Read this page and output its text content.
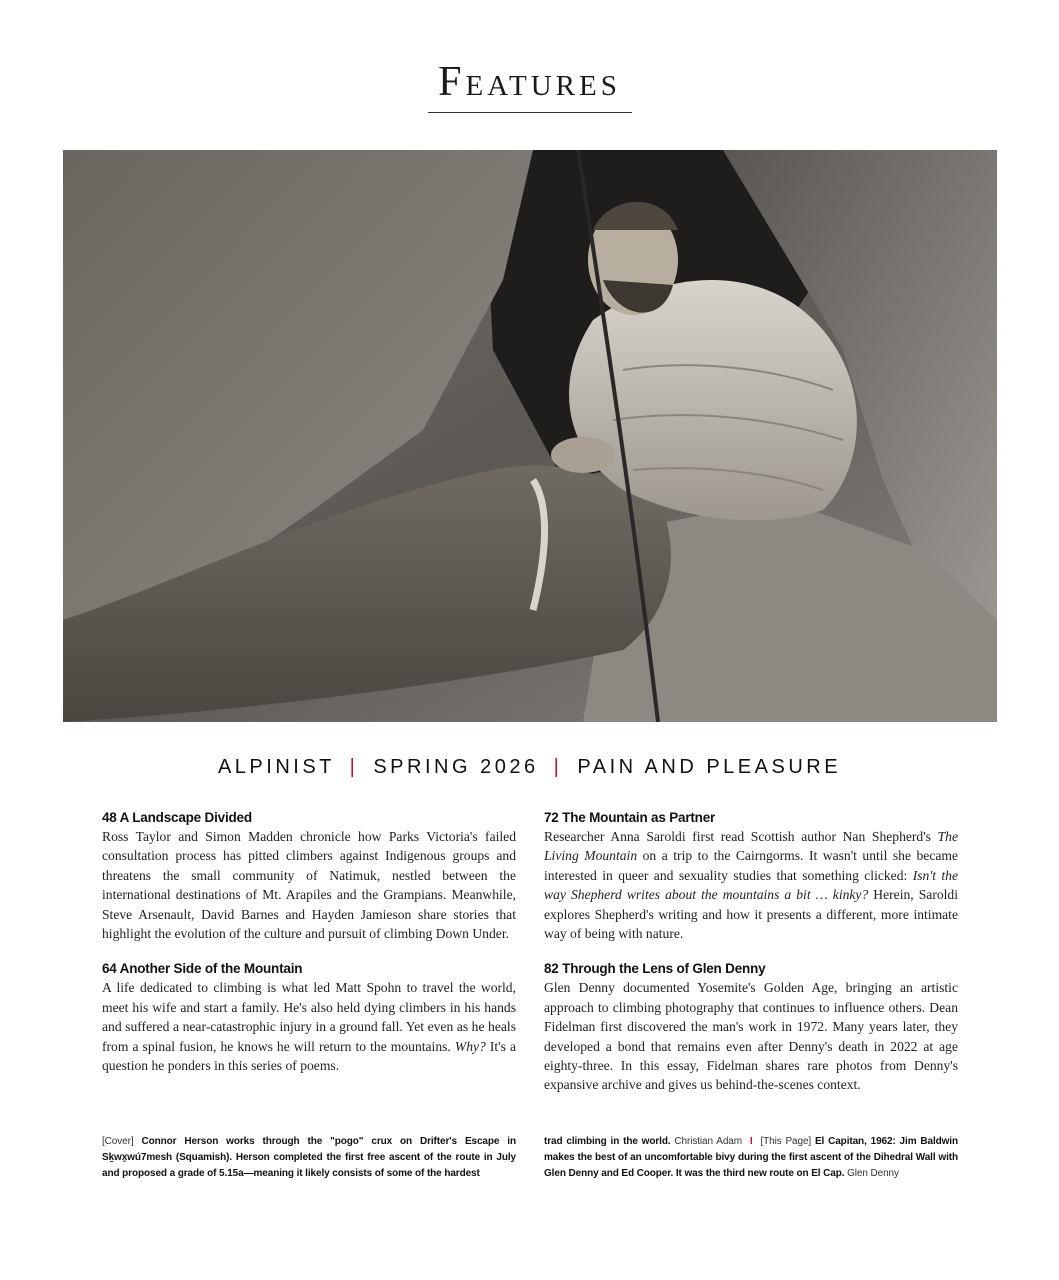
Features
ALPINIST | SPRING 2026 | PAIN AND PLEASURE

48 A Landscape Divided

Ross Taylor and Simon Madden chronicle how Parks Victoria's failed consultation process has pitted climbers against Indigenous groups and threatens the small community of Natimuk, nestled between the international destinations of Mt. Arapiles and the Grampians. Meanwhile, Steve Arsenault, David Barnes and Hayden Jamieson share stories that highlight the evolution of the culture and pursuit of climbing Down Under.

64 Another Side of the Mountain

A life dedicated to climbing is what led Matt Spohn to travel the world, meet his wife and start a family. He's also held dying climbers in his hands and suffered a near-catastrophic injury in a ground fall. Yet even as he heals from a spinal fusion, he knows he will return to the mountains. Why? It's a question he ponders in this series of poems.

72 The Mountain as Partner

Researcher Anna Saroldi first read Scottish author Nan Shepherd's The Living Mountain on a trip to the Cairngorms. It wasn't until she became interested in queer and sexuality studies that something clicked: Isn't the way Shepherd writes about the mountains a bit … kinky? Herein, Saroldi explores Shepherd's writing and how it presents a different, more intimate way of being with nature.

82 Through the Lens of Glen Denny

Glen Denny documented Yosemite's Golden Age, bringing an artistic approach to climbing photography that continues to influence others. Dean Fidelman first discovered the man's work in 1972. Many years later, they developed a bond that remains even after Denny's death in 2022 at age eighty-three. In this essay, Fidelman shares rare photos from Denny's expansive archive and gives us behind-the-scenes context.

[Cover] Connor Herson works through the "pogo" crux on Drifter's Escape in Sḵwx̱wú7mesh (Squamish). Herson completed the first free ascent of the route in July and proposed a grade of 5.15a—meaning it likely consists of some of the hardest
trad climbing in the world. Christian Adam I [This Page] El Capitan, 1962: Jim Baldwin makes the best of an uncomfortable bivy during the first ascent of the Dihedral Wall with Glen Denny and Ed Cooper. It was the third new route on El Cap. Glen Denny
